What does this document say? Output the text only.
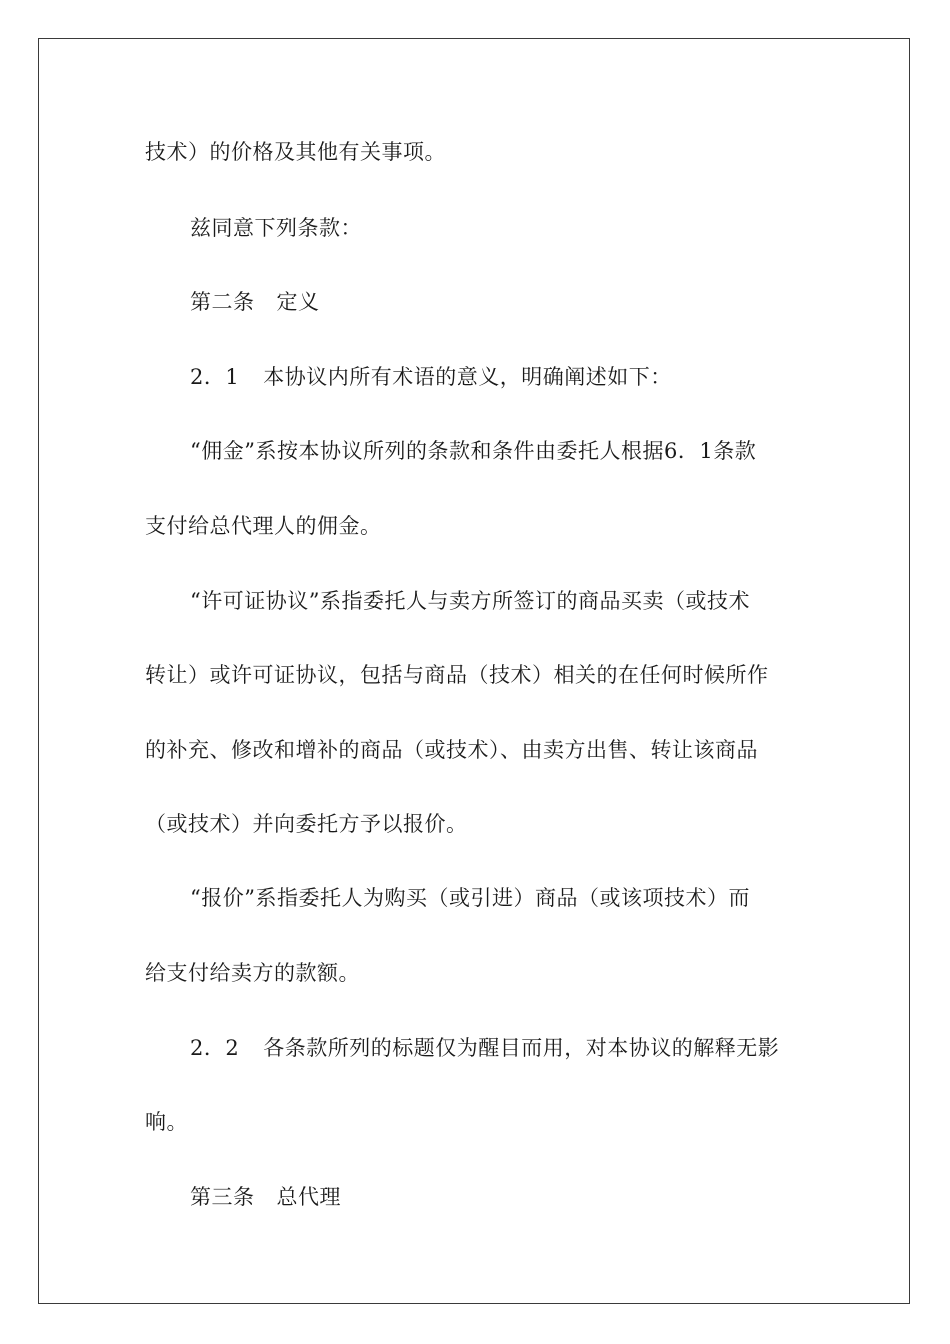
技术）的价格及其他有关事项。

兹同意下列条款：

第二条 定义

2．1 本协议内所有术语的意义，明确阐述如下：

“佣金”系按本协议所列的条款和条件由委托人根据6．1条款

支付给总代理人的佣金。

“许可证协议”系指委托人与卖方所签订的商品买卖（或技术

转让）或许可证协议，包括与商品（技术）相关的在任何时候所作

的补充、修改和增补的商品（或技术）、由卖方出售、转让该商品

（或技术）并向委托方予以报价。

“报价”系指委托人为购买（或引进）商品（或该项技术）而

给支付给卖方的款额。

2．2 各条款所列的标题仅为醒目而用，对本协议的解释无影

响。

第三条 总代理
